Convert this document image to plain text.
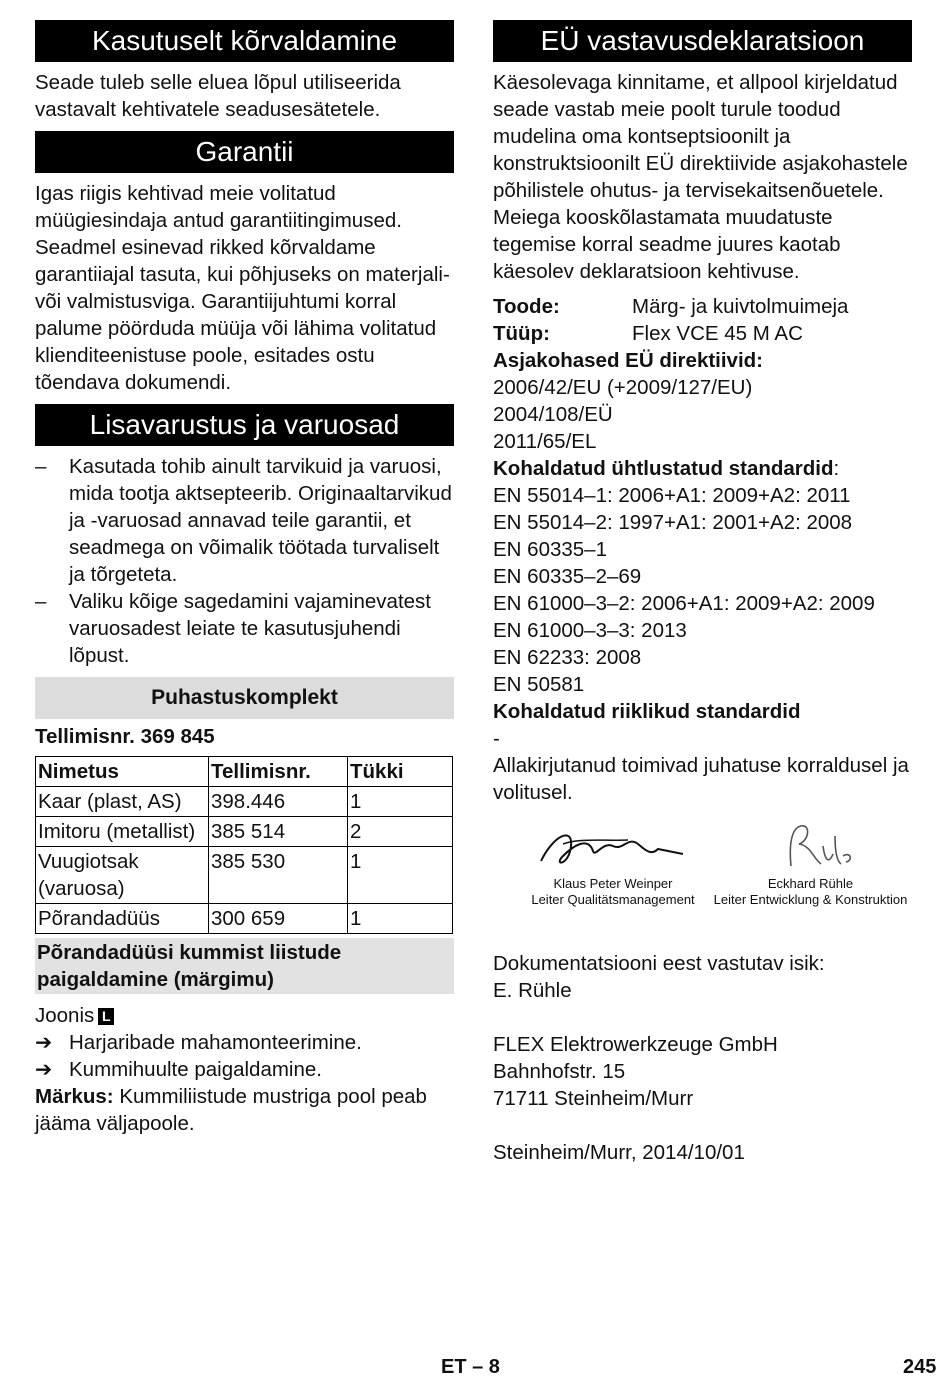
Kasutuselt kõrvaldamine

Seade tuleb selle eluea lõpul utiliseerida vastavalt kehtivatele seadusesätetele.

Garantii

Igas riigis kehtivad meie volitatud müügiesindaja antud garantiitingimused. Seadmel esinevad rikked kõrvaldame garantiiajal tasuta, kui põhjuseks on materjali- või valmistusviga. Garantiijuhtumi korral palume pöörduda müüja või lähima volitatud klienditeenistuse poole, esitades ostu tõendava dokumendi.

Lisavarustus ja varuosad
– Kasutada tohib ainult tarvikuid ja varuosi, mida tootja aktsepteerib. Originaaltarvikud ja -varuosad annavad teile garantii, et seadmega on võimalik töötada turvaliselt ja tõrgeteta.
– Valiku kõige sagedamini vajaminevatest varuosadest leiate te kasutusjuhendi lõpust.
Puhastuskomplekt
Tellimisnr. 369 845
Nimetus	Tellimisnr.	Tükki
Kaar (plast, AS)	398.446	1
Imitoru (metallist)	385 514	2
Vuugiotsak (varuosa)	385 530	1
Põrandadüüs	300 659	1
Põrandadüüsi kummist liistude paigaldamine (märgimu)
Joonis L
➔ Harjaribade mahamonteerimine.
➔ Kummihuulte paigaldamine.
Märkus: Kummiliistude mustriga pool peab jääma väljapoole.
EÜ vastavusdeklaratsioon

Käesolevaga kinnitame, et allpool kirjeldatud seade vastab meie poolt turule toodud mudelina oma kontseptsioonilt ja konstruktsioonilt EÜ direktiivide asjakohastele põhilistele ohutus- ja tervisekaitsenõuetele. Meiega kooskõlastamata muudatuste tegemise korral seadme juures kaotab käesolev deklaratsioon kehtivuse.

Toode:	Märg- ja kuivtolmuimeja
Tüüp:	Flex VCE 45 M AC
Asjakohased EÜ direktiivid:
2006/42/EU (+2009/127/EU)
2004/108/EÜ
2011/65/EL
Kohaldatud ühtlustatud standardid:
EN 55014–1: 2006+A1: 2009+A2: 2011
EN 55014–2: 1997+A1: 2001+A2: 2008
EN 60335–1
EN 60335–2–69
EN 61000–3–2: 2006+A1: 2009+A2: 2009
EN 61000–3–3: 2013
EN 62233: 2008
EN 50581
Kohaldatud riiklikud standardid
-

Allakirjutanud toimivad juhatuse korraldusel ja volitusel.

Klaus Peter Weinper
Leiter Qualitätsmanagement
Eckhard Rühle
Leiter Entwicklung & Konstruktion
Dokumentatsiooni eest vastutav isik:
E. Rühle
FLEX Elektrowerkzeuge GmbH
Bahnhofstr. 15
71711 Steinheim/Murr
Steinheim/Murr, 2014/10/01
ET – 8	245
